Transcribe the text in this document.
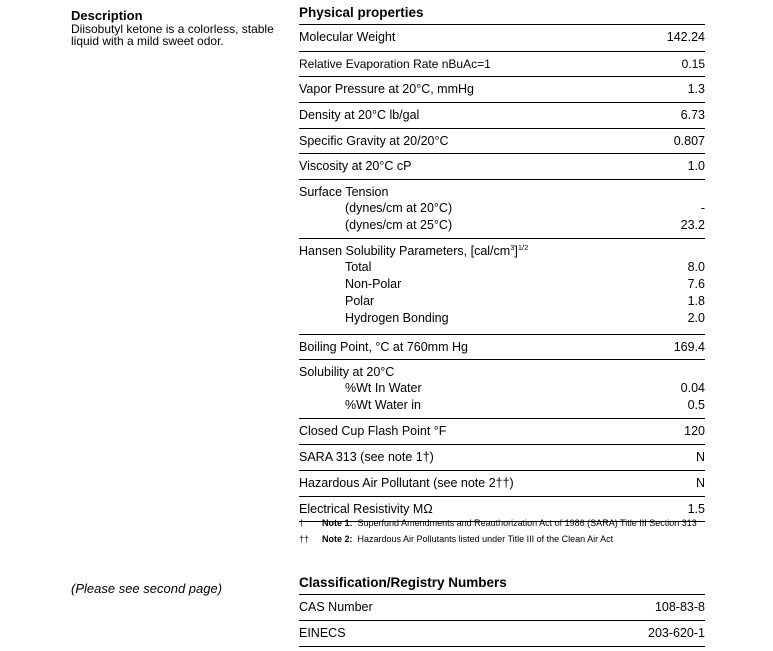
Description

Diisobutyl ketone is a colorless, stable liquid with a mild sweet odor.

(Please see second page)
Physical properties
Molecular Weight	142.24
Relative Evaporation Rate nBuAc=1	0.15
Vapor Pressure at 20°C, mmHg	1.3
Density at 20°C lb/gal	6.73
Specific Gravity at 20/20°C	0.807
Viscosity at 20°C cP	1.0
Surface Tension
(dynes/cm at 20°C)	-
(dynes/cm at 25°C)	23.2
Hansen Solubility Parameters, $[cal/cm^3]^{1/2}$
Total	8.0
Non-Polar	7.6
Polar	1.8
Hydrogen Bonding	2.0
Boiling Point, °C at 760mm Hg	169.4
Solubility at 20°C
%Wt In Water	0.04
%Wt Water in	0.5
Closed Cup Flash Point °F	120
SARA 313 (see note 1†)	N
Hazardous Air Pollutant (see note 2††)	N
Electrical Resistivity MΩ	1.5
†	Note 1: Superfund Amendments and Reauthorization Act of 1986 (SARA) Title III Section 313
††	Note 2: Hazardous Air Pollutants listed under Title III of the Clean Air Act
Classification/Registry Numbers
CAS Number	108-83-8
EINECS	203-620-1
